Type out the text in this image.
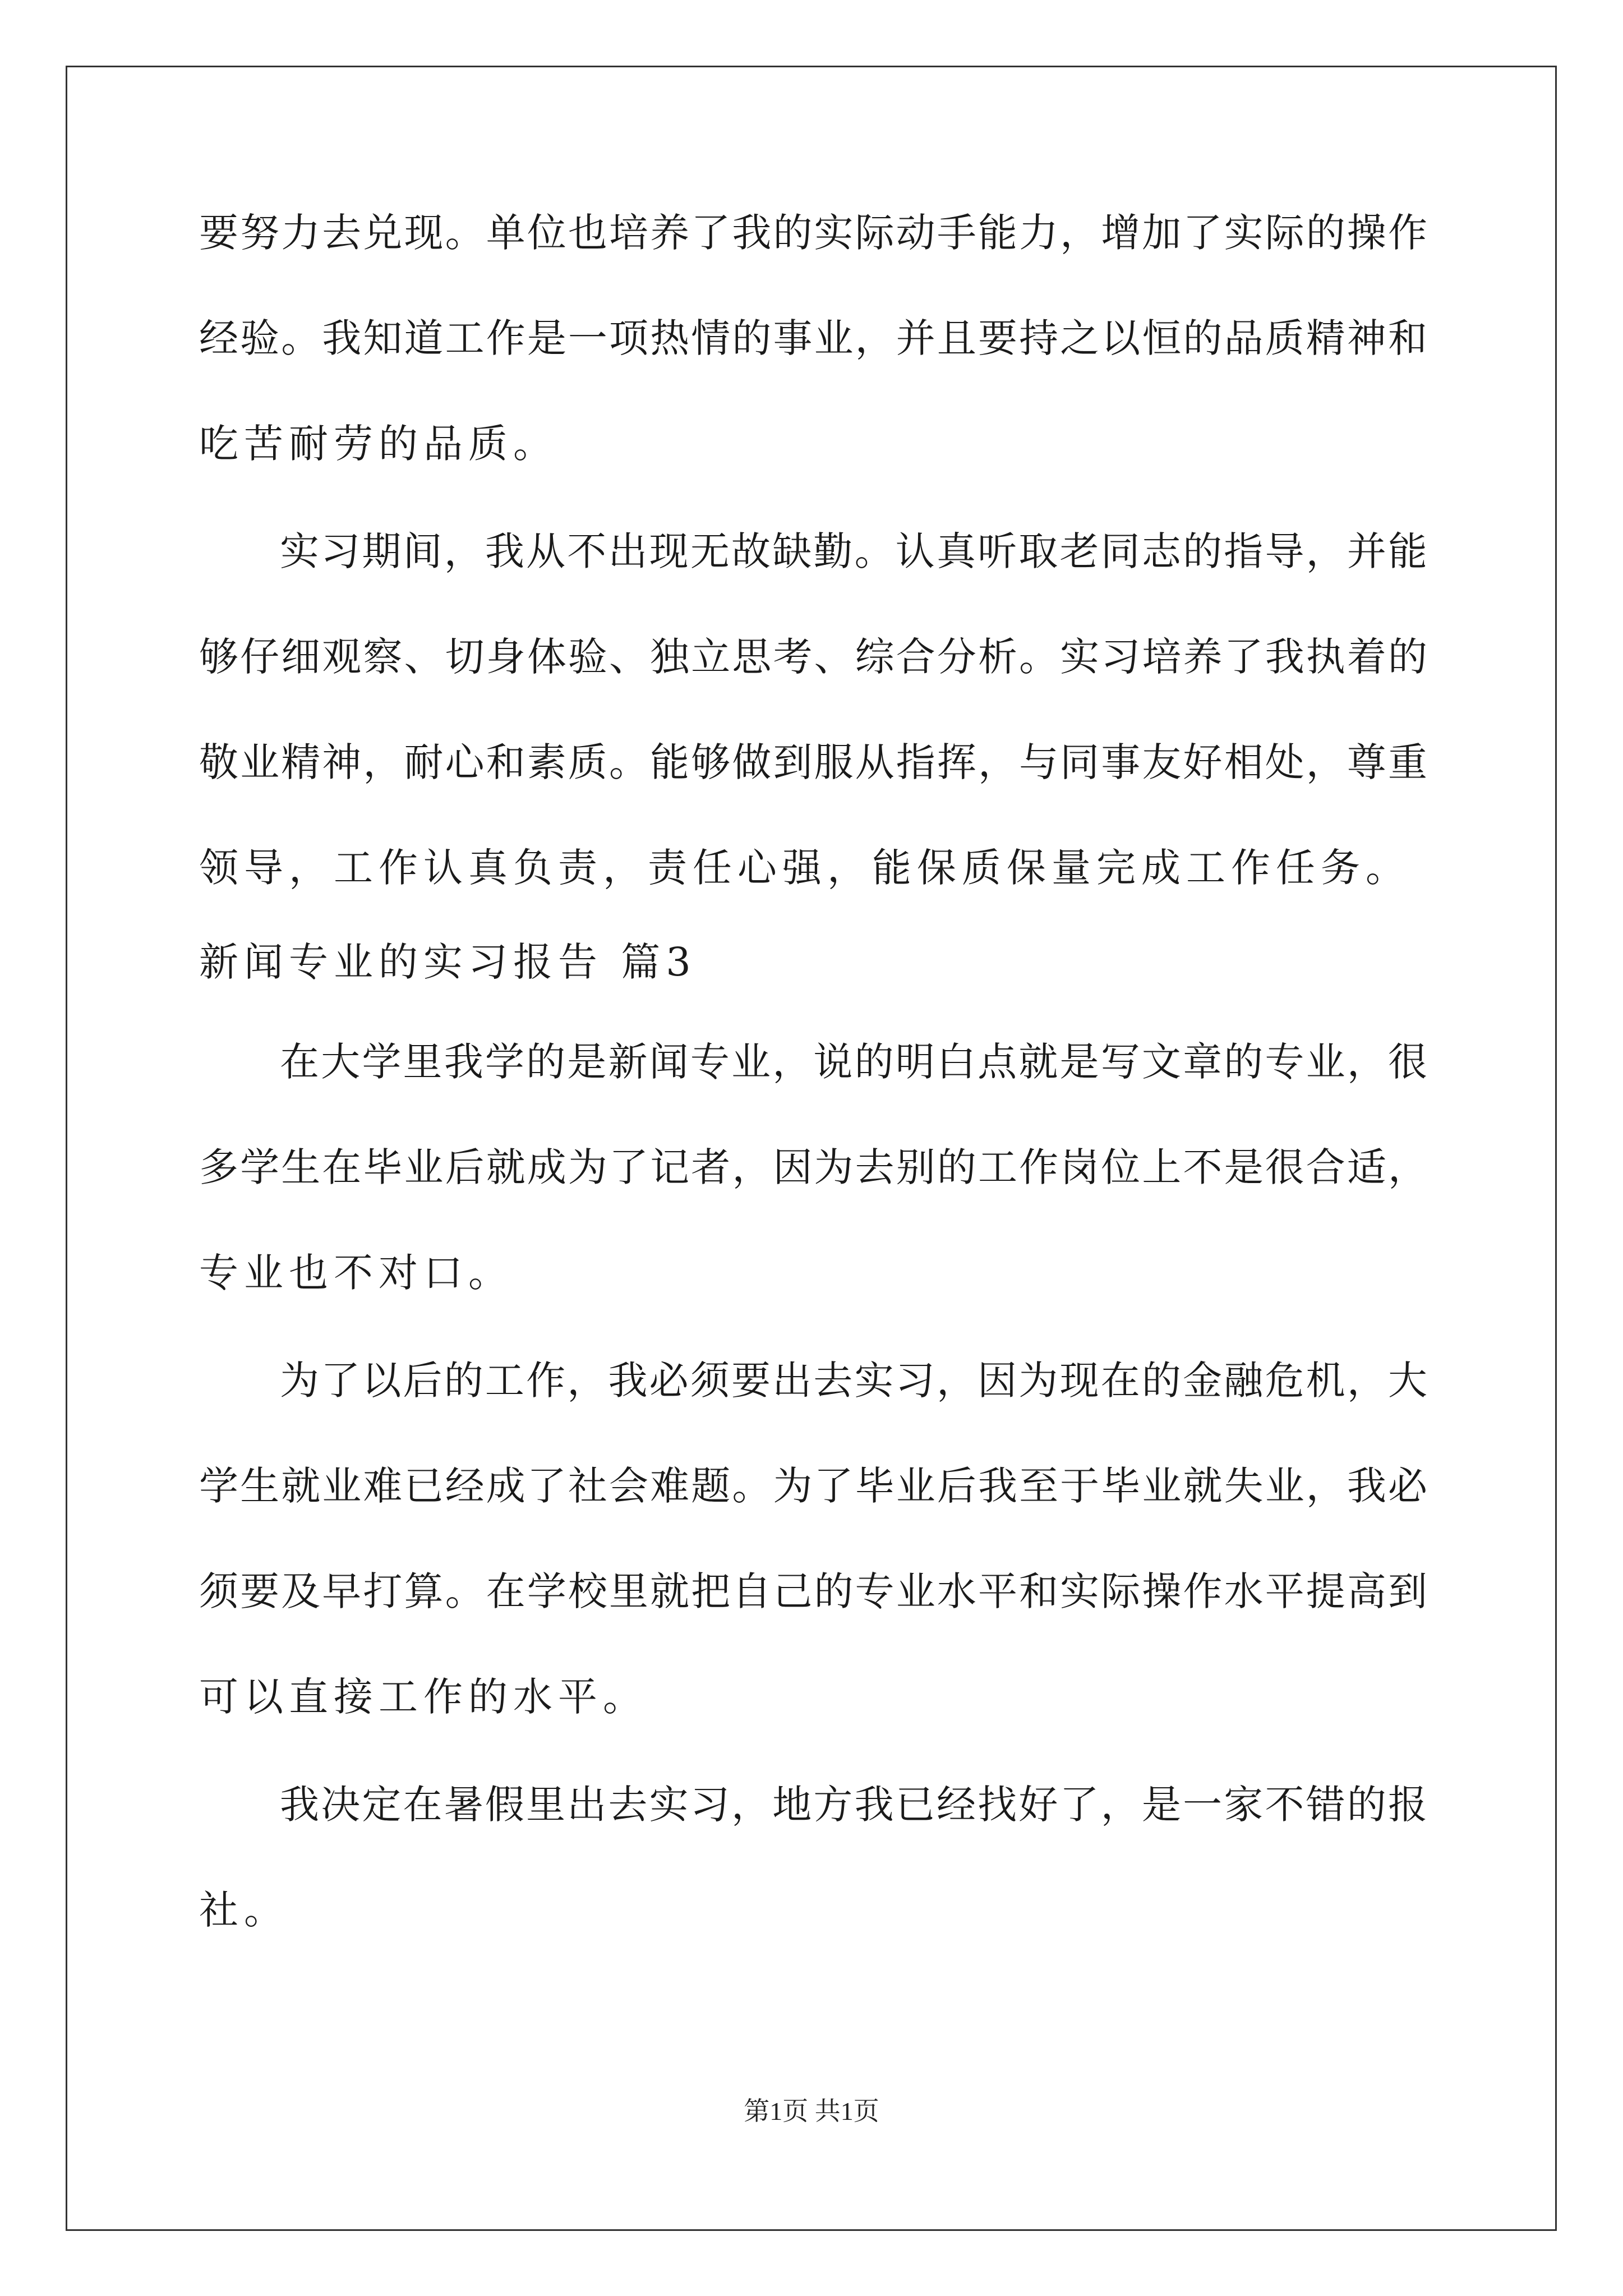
要努力去兑现。单位也培养了我的实际动手能力，增加了实际的操作
经验。我知道工作是一项热情的事业，并且要持之以恒的品质精神和
吃苦耐劳的品质。
实习期间，我从不出现无故缺勤。认真听取老同志的指导，并能
够仔细观察、切身体验、独立思考、综合分析。实习培养了我执着的
敬业精神，耐心和素质。能够做到服从指挥，与同事友好相处，尊重
领导，工作认真负责，责任心强，能保质保量完成工作任务。
新闻专业的实习报告 篇3
在大学里我学的是新闻专业，说的明白点就是写文章的专业，很
多学生在毕业后就成为了记者，因为去别的工作岗位上不是很合适，
专业也不对口。
为了以后的工作，我必须要出去实习，因为现在的金融危机，大
学生就业难已经成了社会难题。为了毕业后我至于毕业就失业，我必
须要及早打算。在学校里就把自己的专业水平和实际操作水平提高到
可以直接工作的水平。
我决定在暑假里出去实习，地方我已经找好了，是一家不错的报
社。
第1页 共1页
